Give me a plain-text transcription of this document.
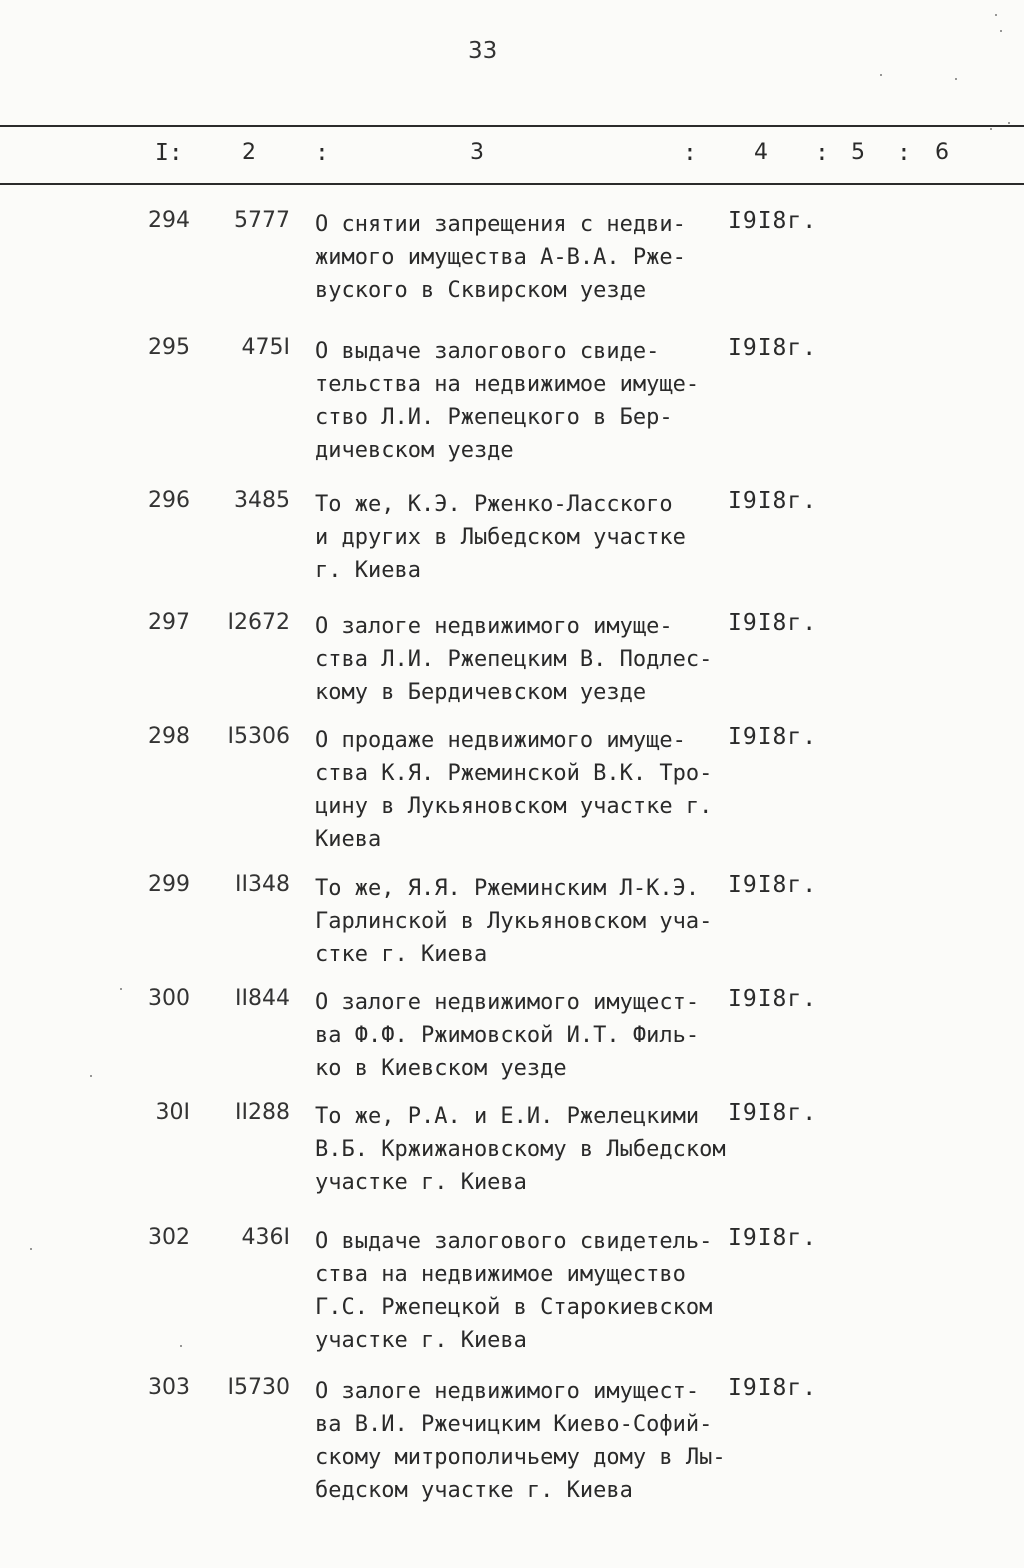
33
I:	2	:	3	:	4 : 5 : 6
294	5777 О снятии запрещения с недви-
жимого имущества А-В.А. Рже-
вуского в Сквирском уезде
I9I8г.
295	475I О выдаче залогового свиде-
тельства на недвижимое имуще-
ство Л.И. Ржепецкого в Бер-
дичевском уезде
I9I8г.
296	3485 То же, К.Э. Рженко-Ласского
и других в Лыбедском участке
г. Киева
I9I8г.
297	I2672 О залоге недвижимого имуще-
ства Л.И. Ржепецким В. Подлес-
кому в Бердичевском уезде
I9I8г.
298	I5306 О продаже недвижимого имуще-
ства К.Я. Ржеминской В.К. Тро-
цину в Лукьяновском участке г.
Киева
I9I8г.
299	II348 То же, Я.Я. Ржеминским Л-К.Э.
Гарлинской в Лукьяновском уча-
стке г. Киева
I9I8г.
300	II844 О залоге недвижимого имущест-
ва Ф.Ф. Ржимовской И.Т. Филь-
ко в Киевском уезде
I9I8г.
30I	II288 То же, Р.А. и Е.И. Ржелецкими
В.Б. Кржижановскому в Лыбедском
участке г. Киева
I9I8г.
302	436I О выдаче залогового свидетель-
ства на недвижимое имущество
Г.С. Ржепецкой в Старокиевском
участке г. Киева
I9I8г.
303	I5730 О залоге недвижимого имущест-
ва В.И. Ржечицким Киево-Софий-
скому митрополичьему дому в Лы-
бедском участке г. Киева
I9I8г.
